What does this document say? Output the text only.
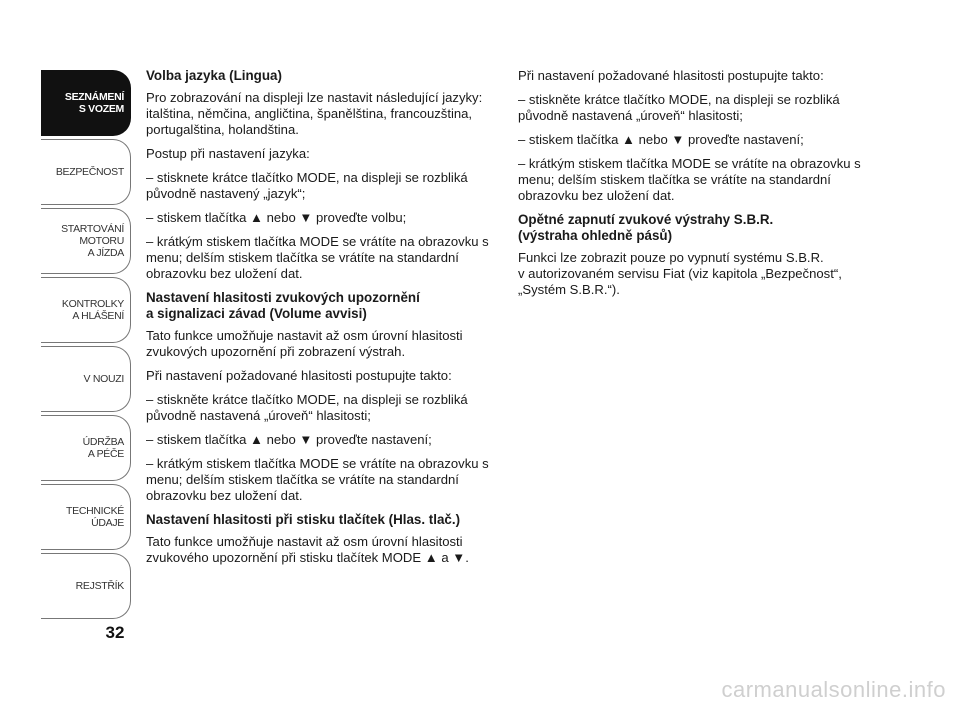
SEZNÁMENÍ
S VOZEM
BEZPEČNOST
STARTOVÁNÍ
MOTORU
A JÍZDA
KONTROLKY
A HLÁŠENÍ
V NOUZI
ÚDRŽBA
A PÉČE
TECHNICKÉ
ÚDAJE
REJSTŘÍK
32
Volba jazyka (Lingua)

Pro zobrazování na displeji lze nastavit následující jazyky: italština, němčina, angličtina, španělština, francouzština, portugalština, holandština.

Postup při nastavení jazyka:

– stisknete krátce tlačítko MODE, na displeji se rozbliká původně nastavený „jazyk“;

– stiskem tlačítka ▲ nebo ▼ proveďte volbu;

– krátkým stiskem tlačítka MODE se vrátíte na obrazovku s menu; delším stiskem tlačítka se vrátíte na standardní obrazovku bez uložení dat.

Nastavení hlasitosti zvukových upozornění
a signalizaci závad (Volume avvisi)

Tato funkce umožňuje nastavit až osm úrovní hlasitosti zvukových upozornění při zobrazení výstrah.

Při nastavení požadované hlasitosti postupujte takto:

– stiskněte krátce tlačítko MODE, na displeji se rozbliká původně nastavená „úroveň“ hlasitosti;

– stiskem tlačítka ▲ nebo ▼ proveďte nastavení;

– krátkým stiskem tlačítka MODE se vrátíte na obrazovku s menu; delším stiskem tlačítka se vrátíte na standardní obrazovku bez uložení dat.

Nastavení hlasitosti při stisku tlačítek (Hlas. tlač.)

Tato funkce umožňuje nastavit až osm úrovní hlasitosti zvukového upozornění při stisku tlačítek MODE ▲ a ▼.

Při nastavení požadované hlasitosti postupujte takto:

– stiskněte krátce tlačítko MODE, na displeji se rozbliká původně nastavená „úroveň“ hlasitosti;

– stiskem tlačítka ▲ nebo ▼ proveďte nastavení;

– krátkým stiskem tlačítka MODE se vrátíte na obrazovku s menu; delším stiskem tlačítka se vrátíte na standardní obrazovku bez uložení dat.

Opětné zapnutí zvukové výstrahy S.B.R.
(výstraha ohledně pásů)

Funkci lze zobrazit pouze po vypnutí systému S.B.R.
v autorizovaném servisu Fiat (viz kapitola „Bezpečnost“, „Systém S.B.R.“).

carmanualsonline.info
